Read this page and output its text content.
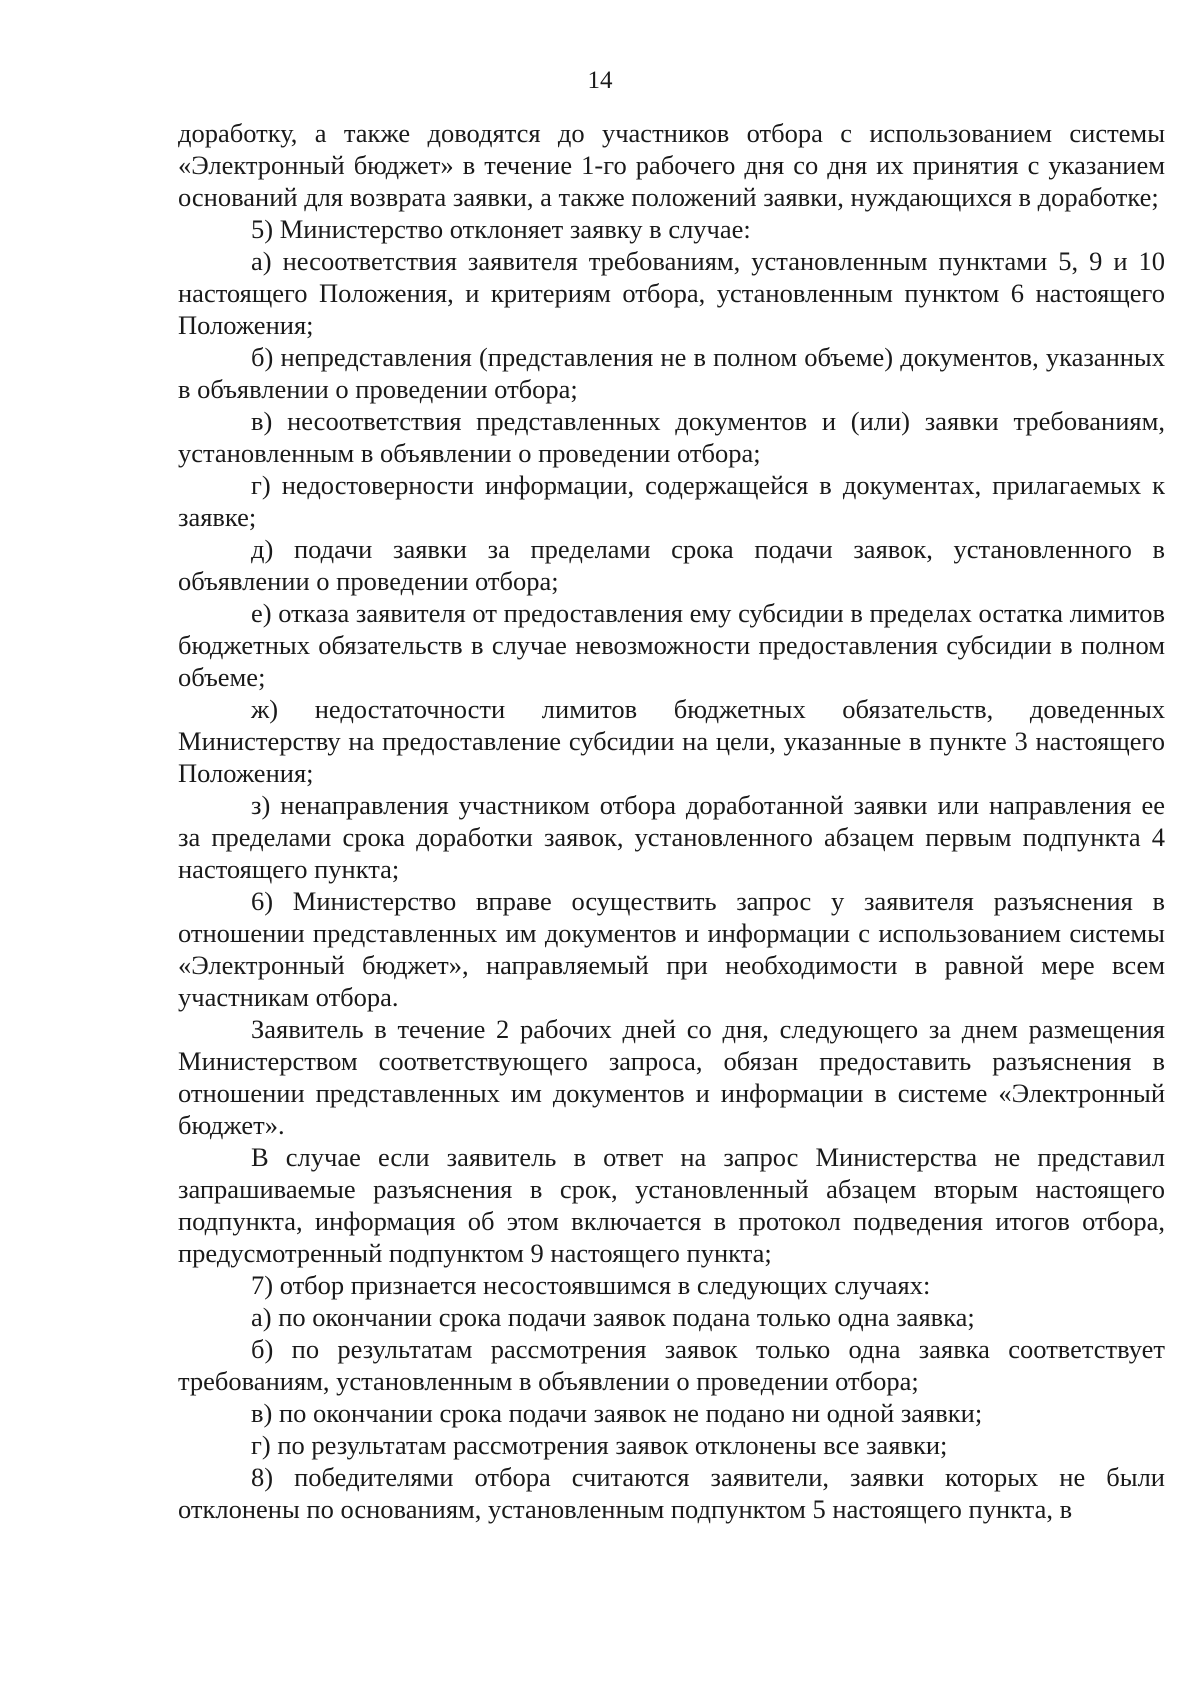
14

доработку, а также доводятся до участников отбора с использованием системы «Электронный бюджет» в течение 1-го рабочего дня со дня их принятия с указанием оснований для возврата заявки, а также положений заявки, нуждающихся в доработке;

5) Министерство отклоняет заявку в случае:

а) несоответствия заявителя требованиям, установленным пунктами 5, 9 и 10 настоящего Положения, и критериям отбора, установленным пунктом 6 настоящего Положения;

б) непредставления (представления не в полном объеме) документов, указанных в объявлении о проведении отбора;

в) несоответствия представленных документов и (или) заявки требованиям, установленным в объявлении о проведении отбора;

г) недостоверности информации, содержащейся в документах, прилагаемых к заявке;

д) подачи заявки за пределами срока подачи заявок, установленного в объявлении о проведении отбора;

е) отказа заявителя от предоставления ему субсидии в пределах остатка лимитов бюджетных обязательств в случае невозможности предоставления субсидии в полном объеме;

ж) недостаточности лимитов бюджетных обязательств, доведенных Министерству на предоставление субсидии на цели, указанные в пункте 3 настоящего Положения;

з) ненаправления участником отбора доработанной заявки или направления ее за пределами срока доработки заявок, установленного абзацем первым подпункта 4 настоящего пункта;

6) Министерство вправе осуществить запрос у заявителя разъяснения в отношении представленных им документов и информации с использованием системы «Электронный бюджет», направляемый при необходимости в равной мере всем участникам отбора.

Заявитель в течение 2 рабочих дней со дня, следующего за днем размещения Министерством соответствующего запроса, обязан предоставить разъяснения в отношении представленных им документов и информации в системе «Электронный бюджет».

В случае если заявитель в ответ на запрос Министерства не представил запрашиваемые разъяснения в срок, установленный абзацем вторым настоящего подпункта, информация об этом включается в протокол подведения итогов отбора, предусмотренный подпунктом 9 настоящего пункта;

7) отбор признается несостоявшимся в следующих случаях:

а) по окончании срока подачи заявок подана только одна заявка;

б) по результатам рассмотрения заявок только одна заявка соответствует требованиям, установленным в объявлении о проведении отбора;

в) по окончании срока подачи заявок не подано ни одной заявки;

г) по результатам рассмотрения заявок отклонены все заявки;

8) победителями отбора считаются заявители, заявки которых не были отклонены по основаниям, установленным подпунктом 5 настоящего пункта, в
